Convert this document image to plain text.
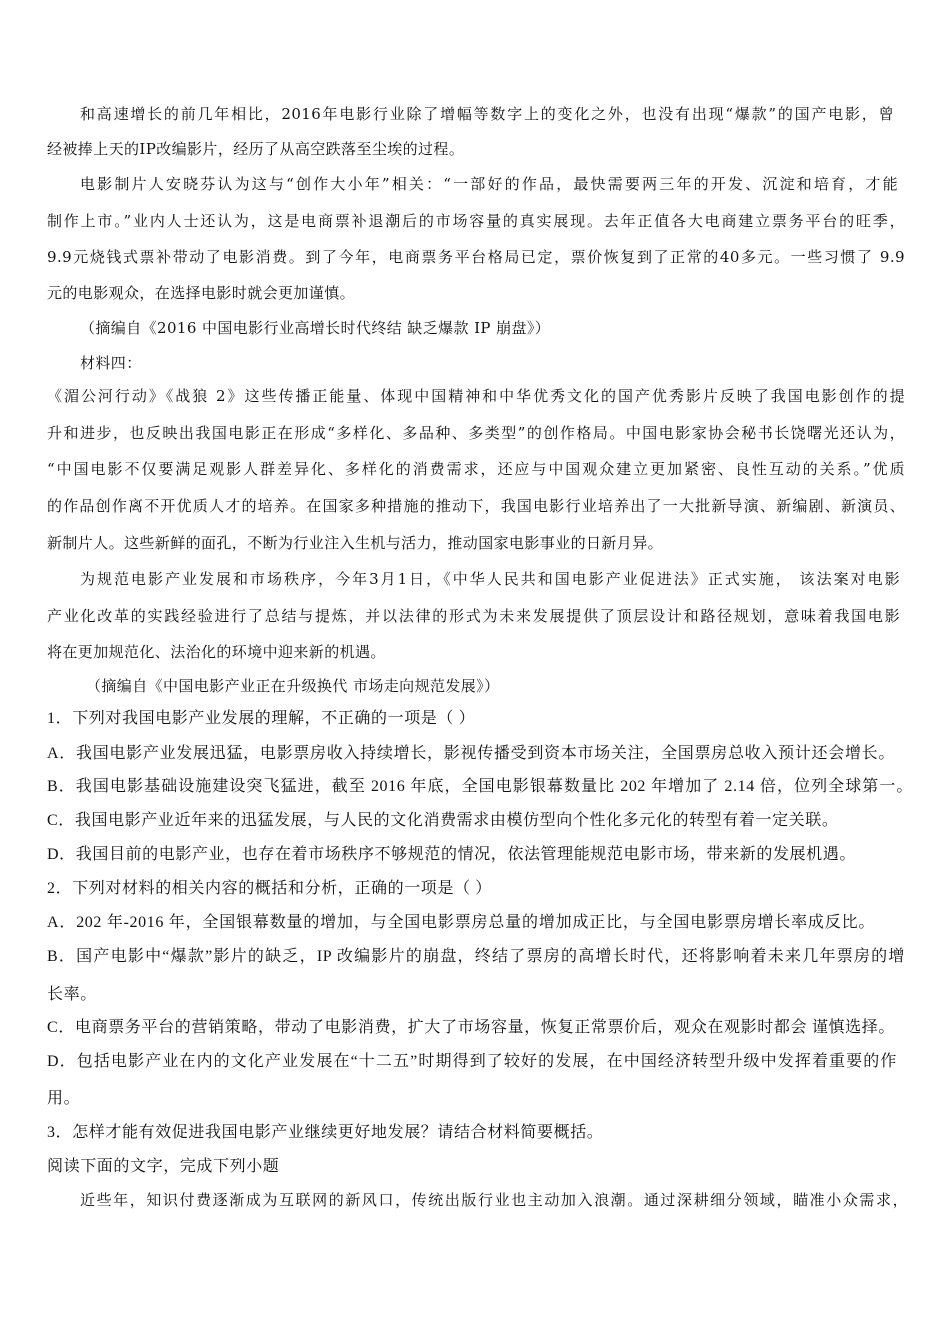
和高速增长的前几年相比，2016年电影行业除了增幅等数字上的变化之外，也没有出现“爆款”的国产电影，曾
经被捧上天的IP改编影片，经历了从高空跌落至尘埃的过程。
电影制片人安晓芬认为这与“创作大小年”相关：“一部好的作品，最快需要两三年的开发、沉淀和培育，才能
制作上市。”业内人士还认为，这是电商票补退潮后的市场容量的真实展现。去年正值各大电商建立票务平台的旺季，
9.9元烧钱式票补带动了电影消费。到了今年，电商票务平台格局已定，票价恢复到了正常的40多元。一些习惯了 9.9
元的电影观众，在选择电影时就会更加谨慎。
（摘编自《2016 中国电影行业高增长时代终结 缺乏爆款 IP 崩盘》）
材料四：
《湄公河行动》《战狼 2》这些传播正能量、体现中国精神和中华优秀文化的国产优秀影片反映了我国电影创作的提
升和进步，也反映出我国电影正在形成“多样化、多品种、多类型”的创作格局。中国电影家协会秘书长饶曙光还认为，
“中国电影不仅要满足观影人群差异化、多样化的消费需求，还应与中国观众建立更加紧密、良性互动的关系。”优质
的作品创作离不开优质人才的培养。在国家多种措施的推动下，我国电影行业培养出了一大批新导演、新编剧、新演员、
新制片人。这些新鲜的面孔，不断为行业注入生机与活力，推动国家电影事业的日新月异。
为规范电影产业发展和市场秩序，今年3月1日，《中华人民共和国电影产业促进法》正式实施， 该法案对电影
产业化改革的实践经验进行了总结与提炼，并以法律的形式为未来发展提供了顶层设计和路径规划，意味着我国电影
将在更加规范化、法治化的环境中迎来新的机遇。
（摘编自《中国电影产业正在升级换代 市场走向规范发展》）
1．下列对我国电影产业发展的理解，不正确的一项是（ ）
A．我国电影产业发展迅猛，电影票房收入持续增长，影视传播受到资本市场关注，全国票房总收入预计还会增长。
B．我国电影基础设施建设突飞猛进，截至 2016 年底，全国电影银幕数量比 202 年增加了 2.14 倍，位列全球第一。
C．我国电影产业近年来的迅猛发展，与人民的文化消费需求由模仿型向个性化多元化的转型有着一定关联。
D．我国目前的电影产业，也存在着市场秩序不够规范的情况，依法管理能规范电影市场，带来新的发展机遇。
2．下列对材料的相关内容的概括和分析，正确的一项是（ ）
A．202 年-2016 年，全国银幕数量的增加，与全国电影票房总量的增加成正比，与全国电影票房增长率成反比。
B．国产电影中“爆款”影片的缺乏，IP 改编影片的崩盘，终结了票房的高增长时代，还将影响着未来几年票房的增
长率。
C．电商票务平台的营销策略，带动了电影消费，扩大了市场容量，恢复正常票价后，观众在观影时都会 谨慎选择。
D．包括电影产业在内的文化产业发展在“十二五”时期得到了较好的发展，在中国经济转型升级中发挥着重要的作
用。
3．怎样才能有效促进我国电影产业继续更好地发展？请结合材料简要概括。
阅读下面的文字，完成下列小题
近些年，知识付费逐渐成为互联网的新风口，传统出版行业也主动加入浪潮。通过深耕细分领域，瞄准小众需求，
